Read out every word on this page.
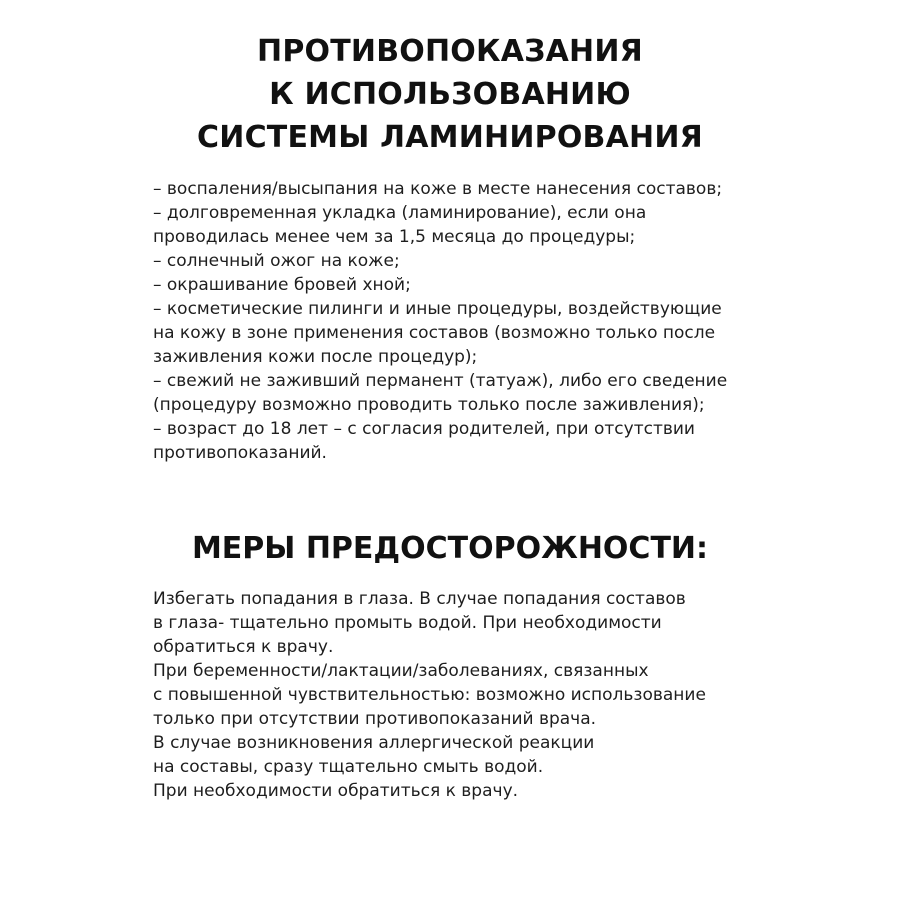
ПРОТИВОПОКАЗАНИЯ
К ИСПОЛЬЗОВАНИЮ
СИСТЕМЫ ЛАМИНИРОВАНИЯ
– воспаления/высыпания на коже в месте нанесения составов;
– долговременная укладка (ламинирование), если она
проводилась менее чем за 1,5 месяца до процедуры;
– солнечный ожог на коже;
– окрашивание бровей хной;
– косметические пилинги и иные процедуры, воздействующие
на кожу в зоне применения составов (возможно только после
заживления кожи после процедур);
– свежий не заживший перманент (татуаж), либо его сведение
(процедуру возможно проводить только после заживления);
– возраст до 18 лет – с согласия родителей, при отсутствии
противопоказаний.
МЕРЫ ПРЕДОСТОРОЖНОСТИ:
Избегать попадания в глаза. В случае попадания составов
в глаза- тщательно промыть водой. При необходимости
обратиться к врачу.
При беременности/лактации/заболеваниях, связанных
с повышенной чувствительностью: возможно использование
только при отсутствии противопоказаний врача.
В случае возникновения аллергической реакции
на составы, сразу тщательно смыть водой.
При необходимости обратиться к врачу.
